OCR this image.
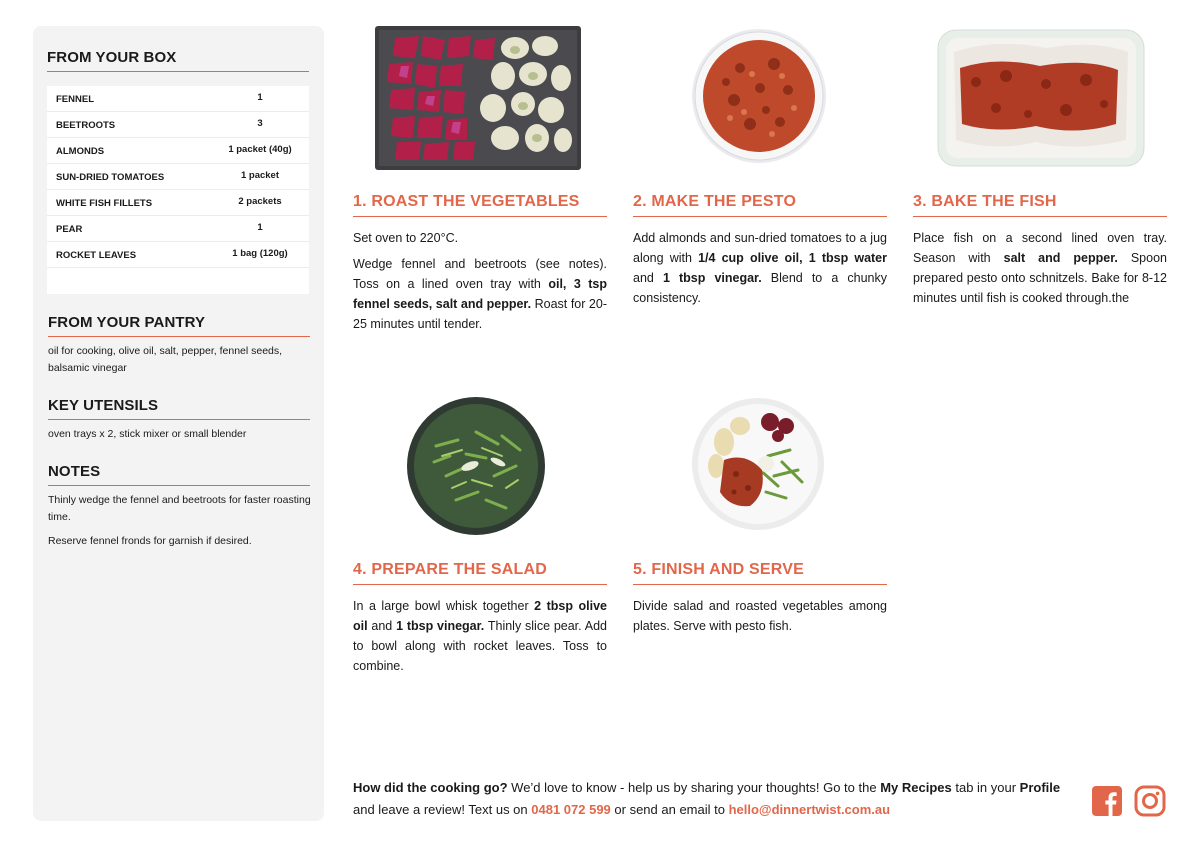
FROM YOUR BOX
FENNEL	1
BEETROOTS	3
ALMONDS	1 packet (40g)
SUN-DRIED TOMATOES	1 packet
WHITE FISH FILLETS	2 packets
PEAR	1
ROCKET LEAVES	1 bag (120g)
FROM YOUR PANTRY
oil for cooking, olive oil, salt, pepper, fennel seeds, balsamic vinegar
KEY UTENSILS
oven trays x 2, stick mixer or small blender
NOTES
Thinly wedge the fennel and beetroots for faster roasting time.
Reserve fennel fronds for garnish if desired.
1. ROAST THE VEGETABLES

Set oven to 220°C.

Wedge fennel and beetroots (see notes). Toss on a lined oven tray with oil, 3 tsp fennel seeds, salt and pepper. Roast for 20-25 minutes until tender.

2. MAKE THE PESTO

Add almonds and sun-dried tomatoes to a jug along with 1/4 cup olive oil, 1 tbsp water and 1 tbsp vinegar. Blend to a chunky consistency.

3. BAKE THE FISH

Place fish on a second lined oven tray. Season with salt and pepper. Spoon prepared pesto onto schnitzels. Bake for 8-12 minutes until fish is cooked through.the

4. PREPARE THE SALAD

In a large bowl whisk together 2 tbsp olive oil and 1 tbsp vinegar. Thinly slice pear. Add to bowl along with rocket leaves. Toss to combine.

5. FINISH AND SERVE

Divide salad and roasted vegetables among plates. Serve with pesto fish.

How did the cooking go? We’d love to know - help us by sharing your thoughts! Go to the My Recipes tab in your Profile and leave a review! Text us on 0481 072 599 or send an email to hello@dinnertwist.com.au
